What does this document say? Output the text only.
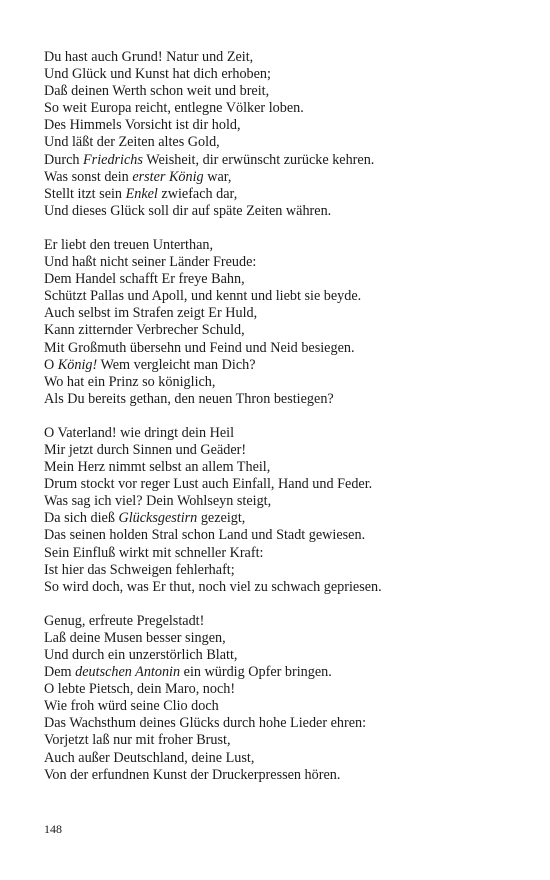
Du hast auch Grund! Natur und Zeit,
Und Glück und Kunst hat dich erhoben;
Daß deinen Werth schon weit und breit,
So weit Europa reicht, entlegne Völker loben.
Des Himmels Vorsicht ist dir hold,
Und läßt der Zeiten altes Gold,
Durch Friedrichs Weisheit, dir erwünscht zurücke kehren.
Was sonst dein erster König war,
Stellt itzt sein Enkel zwiefach dar,
Und dieses Glück soll dir auf späte Zeiten währen.
Er liebt den treuen Unterthan,
Und haßt nicht seiner Länder Freude:
Dem Handel schafft Er freye Bahn,
Schützt Pallas und Apoll, und kennt und liebt sie beyde.
Auch selbst im Strafen zeigt Er Huld,
Kann zitternder Verbrecher Schuld,
Mit Großmuth übersehn und Feind und Neid besiegen.
O König! Wem vergleicht man Dich?
Wo hat ein Prinz so königlich,
Als Du bereits gethan, den neuen Thron bestiegen?
O Vaterland! wie dringt dein Heil
Mir jetzt durch Sinnen und Geäder!
Mein Herz nimmt selbst an allem Theil,
Drum stockt vor reger Lust auch Einfall, Hand und Feder.
Was sag ich viel? Dein Wohlseyn steigt,
Da sich dieß Glücksgestirn gezeigt,
Das seinen holden Stral schon Land und Stadt gewiesen.
Sein Einfluß wirkt mit schneller Kraft:
Ist hier das Schweigen fehlerhaft;
So wird doch, was Er thut, noch viel zu schwach gepriesen.
Genug, erfreute Pregelstadt!
Laß deine Musen besser singen,
Und durch ein unzerstörlich Blatt,
Dem deutschen Antonin ein würdig Opfer bringen.
O lebte Pietsch, dein Maro, noch!
Wie froh würd seine Clio doch
Das Wachsthum deines Glücks durch hohe Lieder ehren:
Vorjetzt laß nur mit froher Brust,
Auch außer Deutschland, deine Lust,
Von der erfundnen Kunst der Druckerpressen hören.
148
